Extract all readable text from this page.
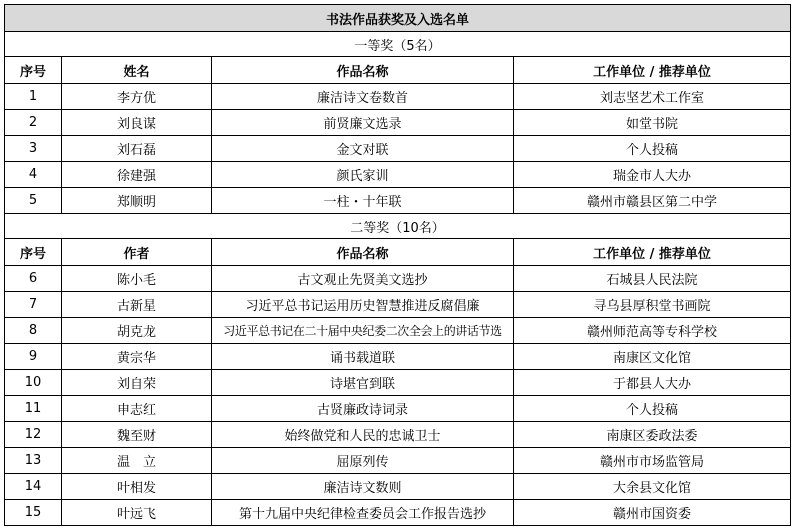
书法作品获奖及入选名单			
一等奖（5名）			
序号	姓名	作品名称	工作单位 / 推荐单位
1	李方优	廉洁诗文卷数首	刘志坚艺术工作室
2	刘良谋	前贤廉文选录	如堂书院
3	刘石磊	金文对联	个人投稿
4	徐建强	颜氏家训	瑞金市人大办
5	郑顺明	一柱・十年联	赣州市赣县区第二中学
二等奖（10名）			
序号	作者	作品名称	工作单位 / 推荐单位
6	陈小毛	古文观止先贤美文选抄	石城县人民法院
7	古新星	习近平总书记运用历史智慧推进反腐倡廉	寻乌县厚积堂书画院
8	胡克龙	习近平总书记在二十届中央纪委二次全会上的讲话节选	赣州师范高等专科学校
9	黄宗华	诵书载道联	南康区文化馆
10	刘自荣	诗堪官到联	于都县人大办
11	申志红	古贤廉政诗词录	个人投稿
12	魏至财	始终做党和人民的忠诚卫士	南康区委政法委
13	温　立	屈原列传	赣州市市场监管局
14	叶相发	廉洁诗文数则	大余县文化馆
15	叶远飞	第十九届中央纪律检查委员会工作报告选抄	赣州市国资委
